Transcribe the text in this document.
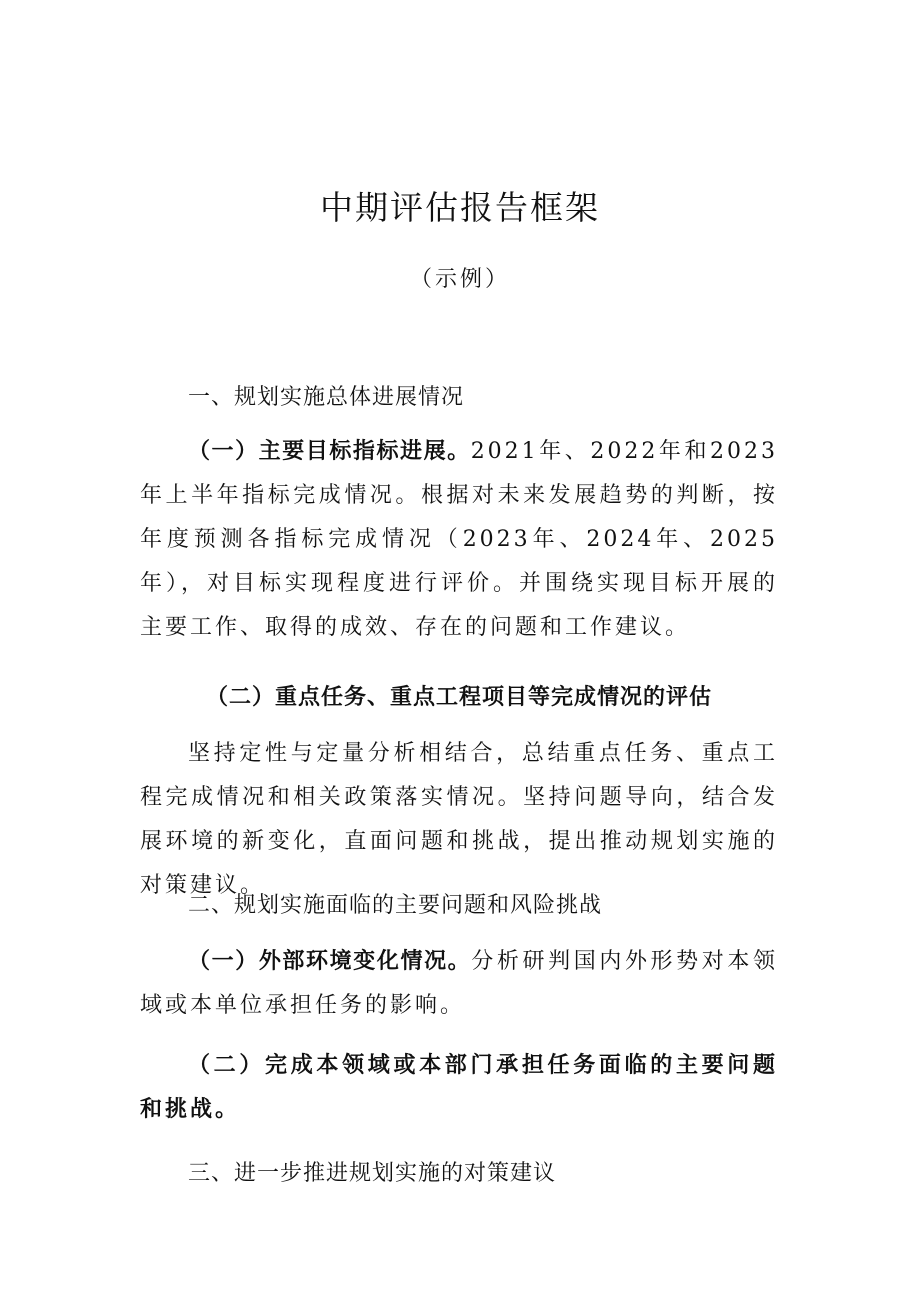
中期评估报告框架
（示例）
一、规划实施总体进展情况

（一）主要目标指标进展。2021年、2022年和2023年上半年指标完成情况。根据对未来发展趋势的判断，按年度预测各指标完成情况（2023年、2024年、2025年），对目标实现程度进行评价。并围绕实现目标开展的主要工作、取得的成效、存在的问题和工作建议。

（二）重点任务、重点工程项目等完成情况的评估

坚持定性与定量分析相结合，总结重点任务、重点工程完成情况和相关政策落实情况。坚持问题导向，结合发展环境的新变化，直面问题和挑战，提出推动规划实施的对策建议。

二、规划实施面临的主要问题和风险挑战

（一）外部环境变化情况。分析研判国内外形势对本领域或本单位承担任务的影响。

（二）完成本领域或本部门承担任务面临的主要问题和挑战。

三、进一步推进规划实施的对策建议
